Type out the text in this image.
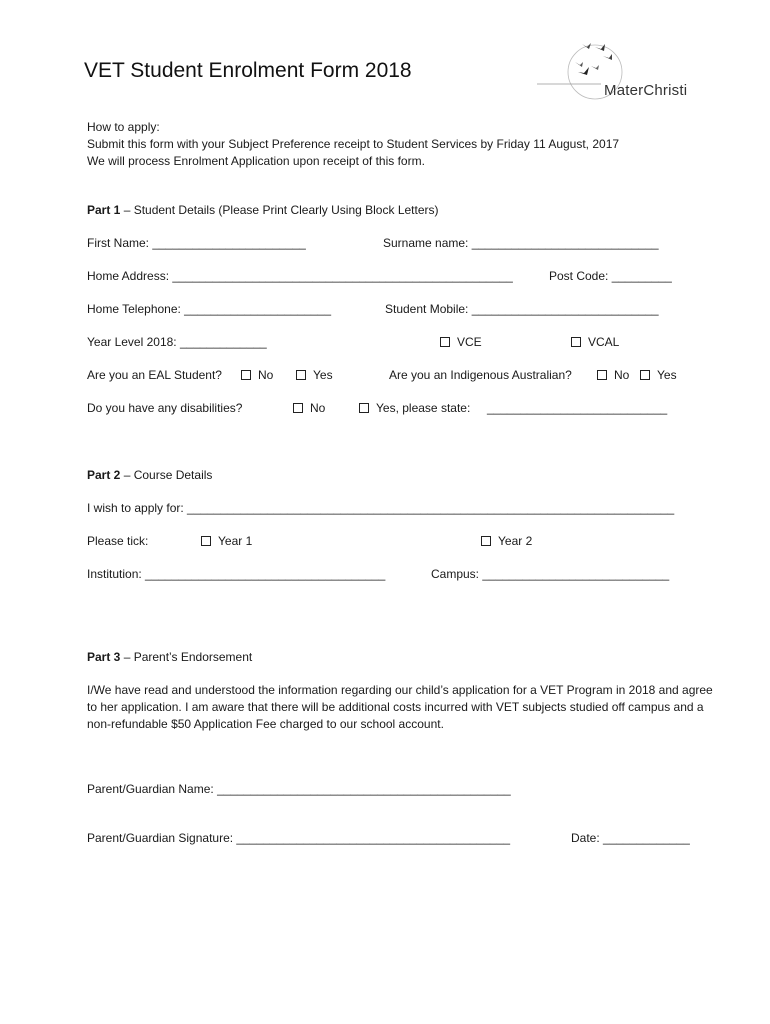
VET Student Enrolment Form 2018
MaterChristi
How to apply:
Submit this form with your Subject Preference receipt to Student Services by Friday 11 August, 2017
We will process Enrolment Application upon receipt of this form.
Part 1 – Student Details (Please Print Clearly Using Block Letters)
First Name: _______________________	Surname name: ____________________________
Home Address: ___________________________________________________	Post Code: _________
Home Telephone: ______________________	Student Mobile: ____________________________
Year Level 2018: _____________	VCE	VCAL
Are you an EAL Student?	No	Yes	Are you an Indigenous Australian?	No	Yes
Do you have any disabilities?	No	Yes, please state: ___________________________
Part 2 – Course Details
I wish to apply for: _________________________________________________________________________
Please tick:	Year 1	Year 2
Institution: ____________________________________	Campus: ____________________________
Part 3 – Parent’s Endorsement
I/We have read and understood the information regarding our child’s application for a VET Program in 2018 and agree to her application. I am aware that there will be additional costs incurred with VET subjects studied off campus and a non-refundable $50 Application Fee charged to our school account.
Parent/Guardian Name: ____________________________________________
Parent/Guardian Signature: _________________________________________	Date: _____________
